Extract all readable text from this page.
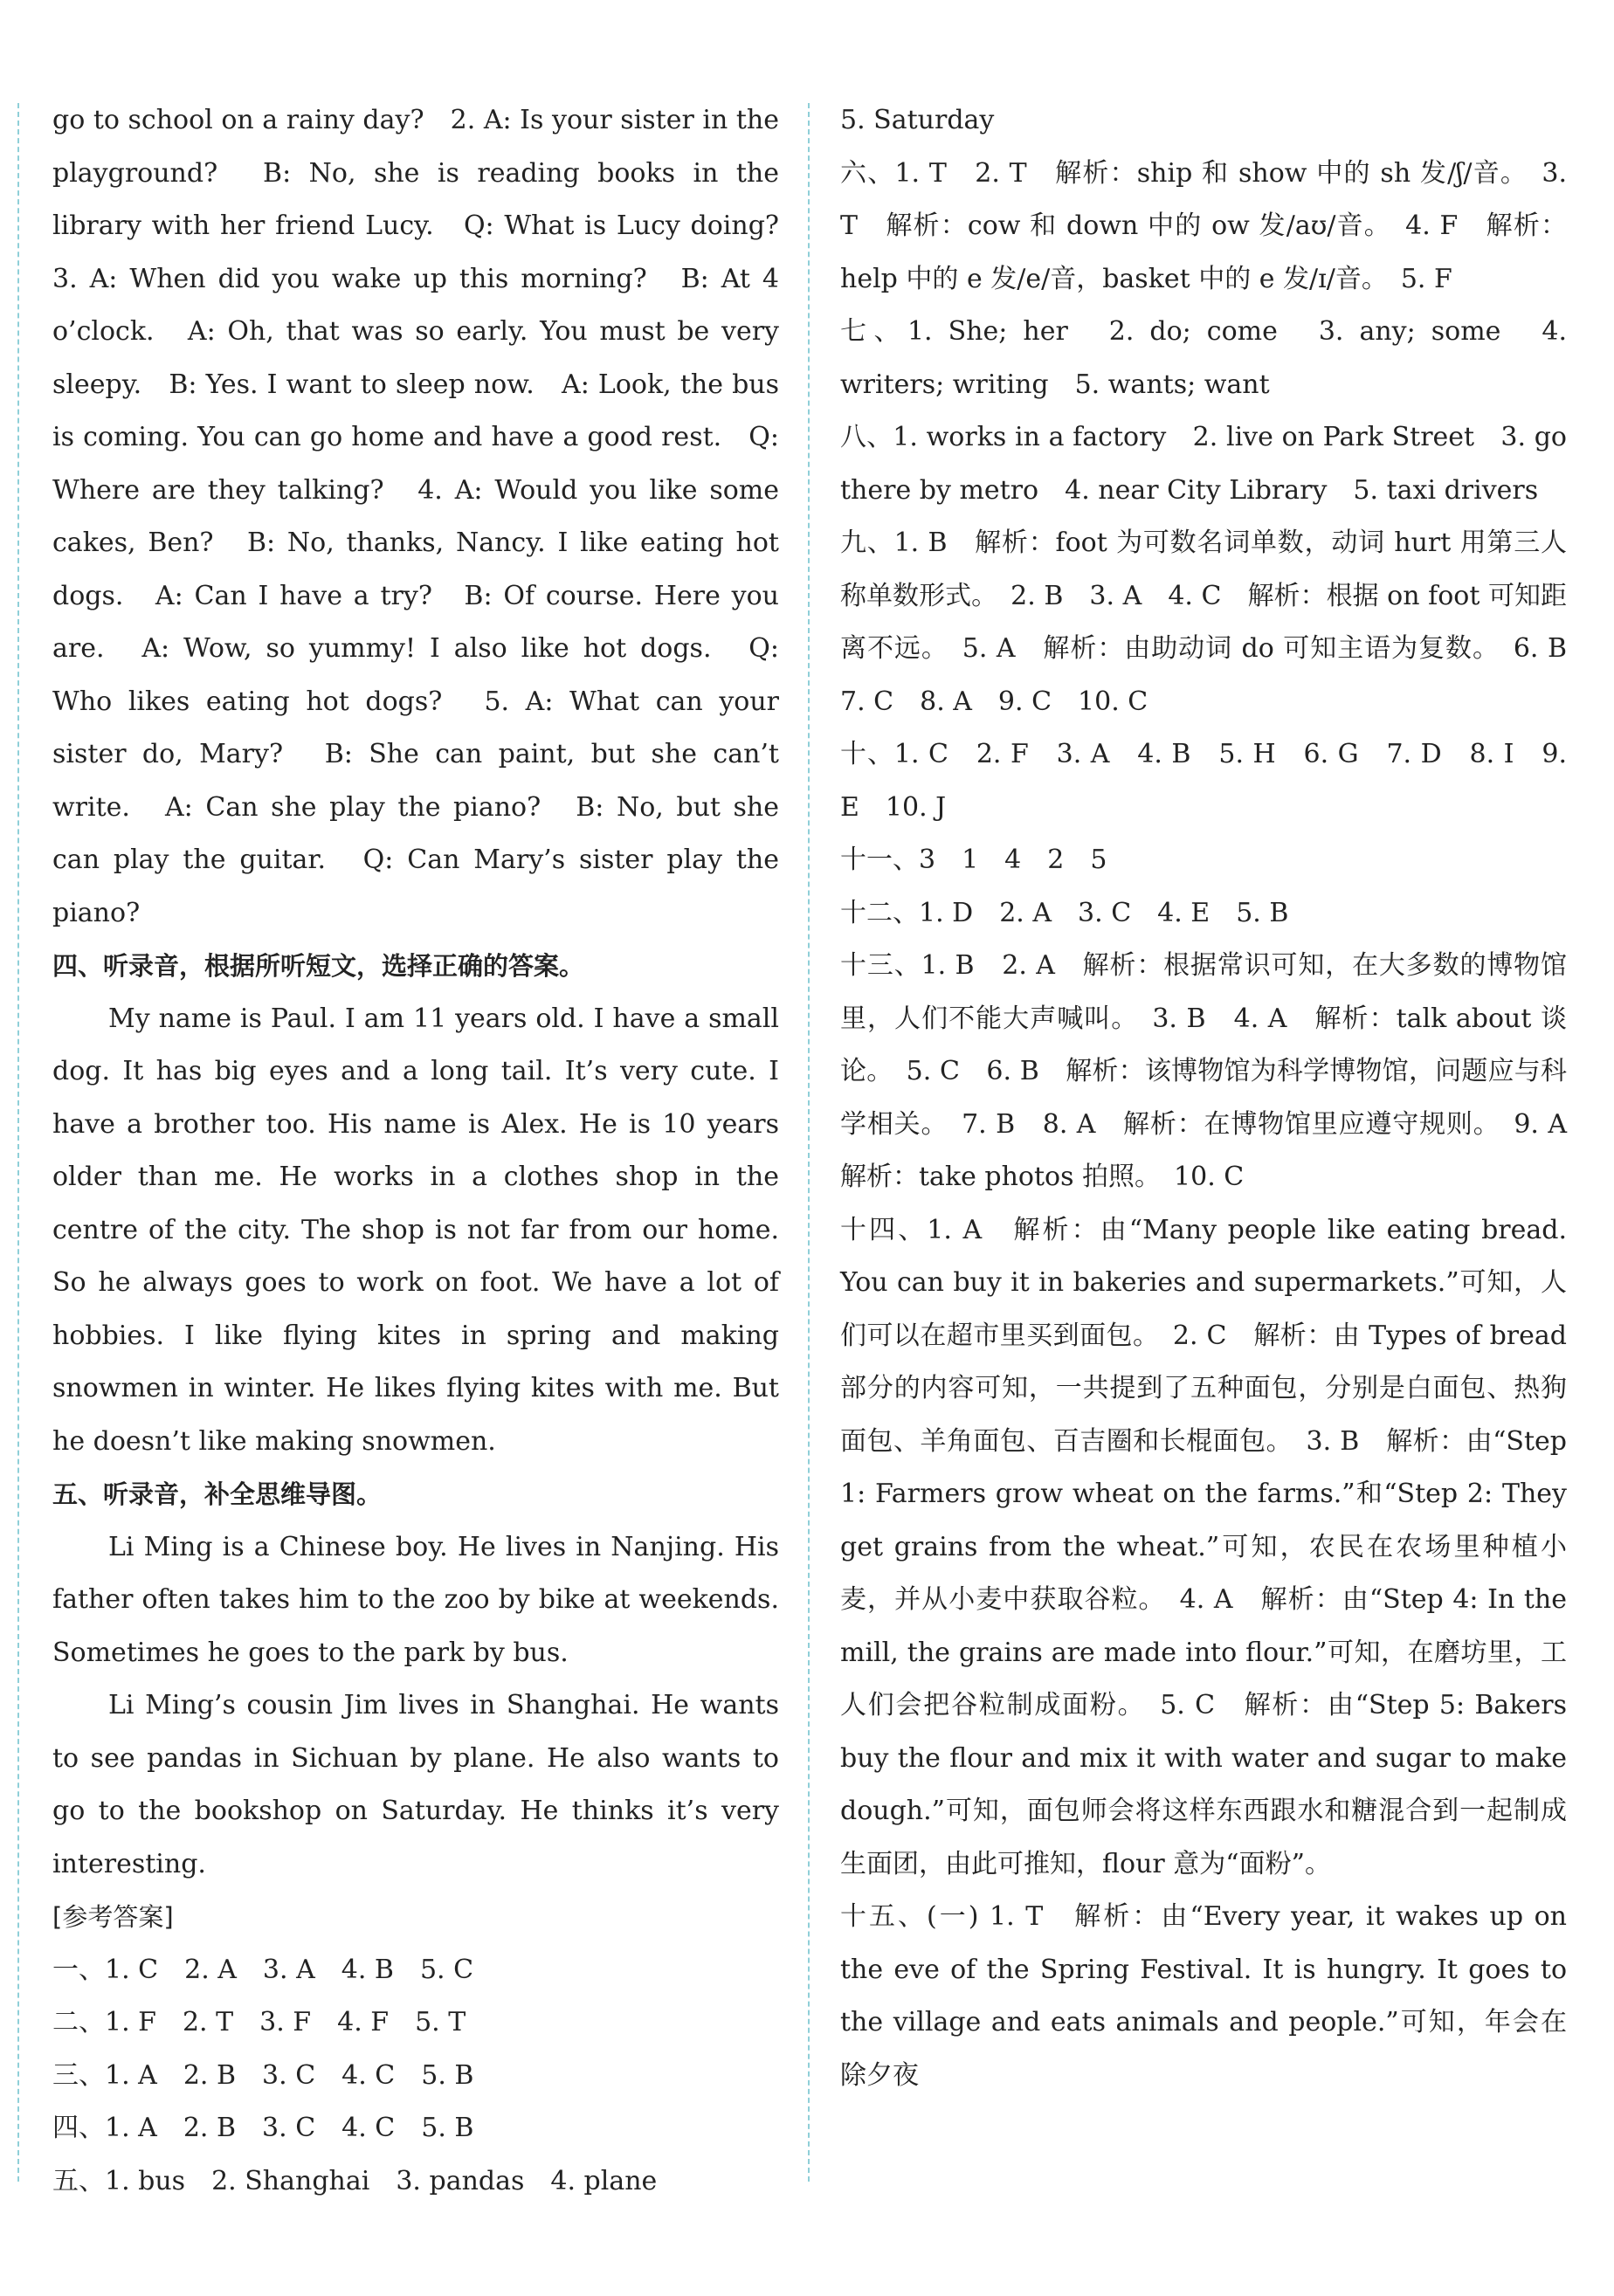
go to school on a rainy day?　2. A: Is your sister in the playground?　B: No, she is reading books in the library with her friend Lucy.　Q: What is Lucy doing?　3. A: When did you wake up this morning?　B: At 4 o’clock.　A: Oh, that was so early. You must be very sleepy.　B: Yes. I want to sleep now.　A: Look, the bus is coming. You can go home and have a good rest.　Q: Where are they talking?　4. A: Would you like some cakes, Ben?　B: No, thanks, Nancy. I like eating hot dogs.　A: Can I have a try?　B: Of course. Here you are.　A: Wow, so yummy! I also like hot dogs.　Q: Who likes eating hot dogs?　5. A: What can your sister do, Mary?　B: She can paint, but she can’t write.　A: Can she play the piano?　B: No, but she can play the guitar.　Q: Can Mary’s sister play the piano?

四、听录音，根据所听短文，选择正确的答案。

My name is Paul. I am 11 years old. I have a small dog. It has big eyes and a long tail. It’s very cute. I have a brother too. His name is Alex. He is 10 years older than me. He works in a clothes shop in the centre of the city. The shop is not far from our home. So he always goes to work on foot. We have a lot of hobbies. I like flying kites in spring and making snowmen in winter. He likes flying kites with me. But he doesn’t like making snowmen.

五、听录音，补全思维导图。

Li Ming is a Chinese boy. He lives in Nanjing. His father often takes him to the zoo by bike at weekends. Sometimes he goes to the park by bus.

Li Ming’s cousin Jim lives in Shanghai. He wants to see pandas in Sichuan by plane. He also wants to go to the bookshop on Saturday. He thinks it’s very interesting.

[参考答案]

一、1. C　2. A　3. A　4. B　5. C

二、1. F　2. T　3. F　4. F　5. T

三、1. A　2. B　3. C　4. C　5. B

四、1. A　2. B　3. C　4. C　5. B

五、1. bus　2. Shanghai　3. pandas　4. plane

5. Saturday

六、1. T　2. T　解析：ship 和 show 中的 sh 发/ʃ/音。　3. T　解析：cow 和 down 中的 ow 发/aʊ/音。　4. F　解析：help 中的 e 发/e/音，basket 中的 e 发/ɪ/音。　5. F

七、1. She; her　2. do; come　3. any; some　4. writers; writing　5. wants; want

八、1. works in a factory　2. live on Park Street　3. go there by metro　4. near City Library　5. taxi drivers

九、1. B　解析：foot 为可数名词单数，动词 hurt 用第三人称单数形式。　2. B　3. A　4. C　解析：根据 on foot 可知距离不远。　5. A　解析：由助动词 do 可知主语为复数。　6. B　7. C　8. A　9. C　10. C

十、1. C　2. F　3. A　4. B　5. H　6. G　7. D　8. I　9. E　10. J

十一、3　1　4　2　5

十二、1. D　2. A　3. C　4. E　5. B

十三、1. B　2. A　解析：根据常识可知，在大多数的博物馆里，人们不能大声喊叫。　3. B　4. A　解析：talk about 谈论。　5. C　6. B　解析：该博物馆为科学博物馆，问题应与科学相关。　7. B　8. A　解析：在博物馆里应遵守规则。　9. A　解析：take photos 拍照。　10. C

十四、1. A　解析：由“Many people like eating bread. You can buy it in bakeries and supermarkets.”可知，人们可以在超市里买到面包。　2. C　解析：由 Types of bread 部分的内容可知，一共提到了五种面包，分别是白面包、热狗面包、羊角面包、百吉圈和长棍面包。　3. B　解析：由“Step 1: Farmers grow wheat on the farms.”和“Step 2: They get grains from the wheat.”可知，农民在农场里种植小麦，并从小麦中获取谷粒。　4. A　解析：由“Step 4: In the mill, the grains are made into flour.”可知，在磨坊里，工人们会把谷粒制成面粉。　5. C　解析：由“Step 5: Bakers buy the flour and mix it with water and sugar to make dough.”可知，面包师会将这样东西跟水和糖混合到一起制成生面团，由此可推知，flour 意为“面粉”。

十五、(一) 1. T　解析：由“Every year, it wakes up on the eve of the Spring Festival. It is hungry. It goes to the village and eats animals and people.”可知，年会在除夕夜
